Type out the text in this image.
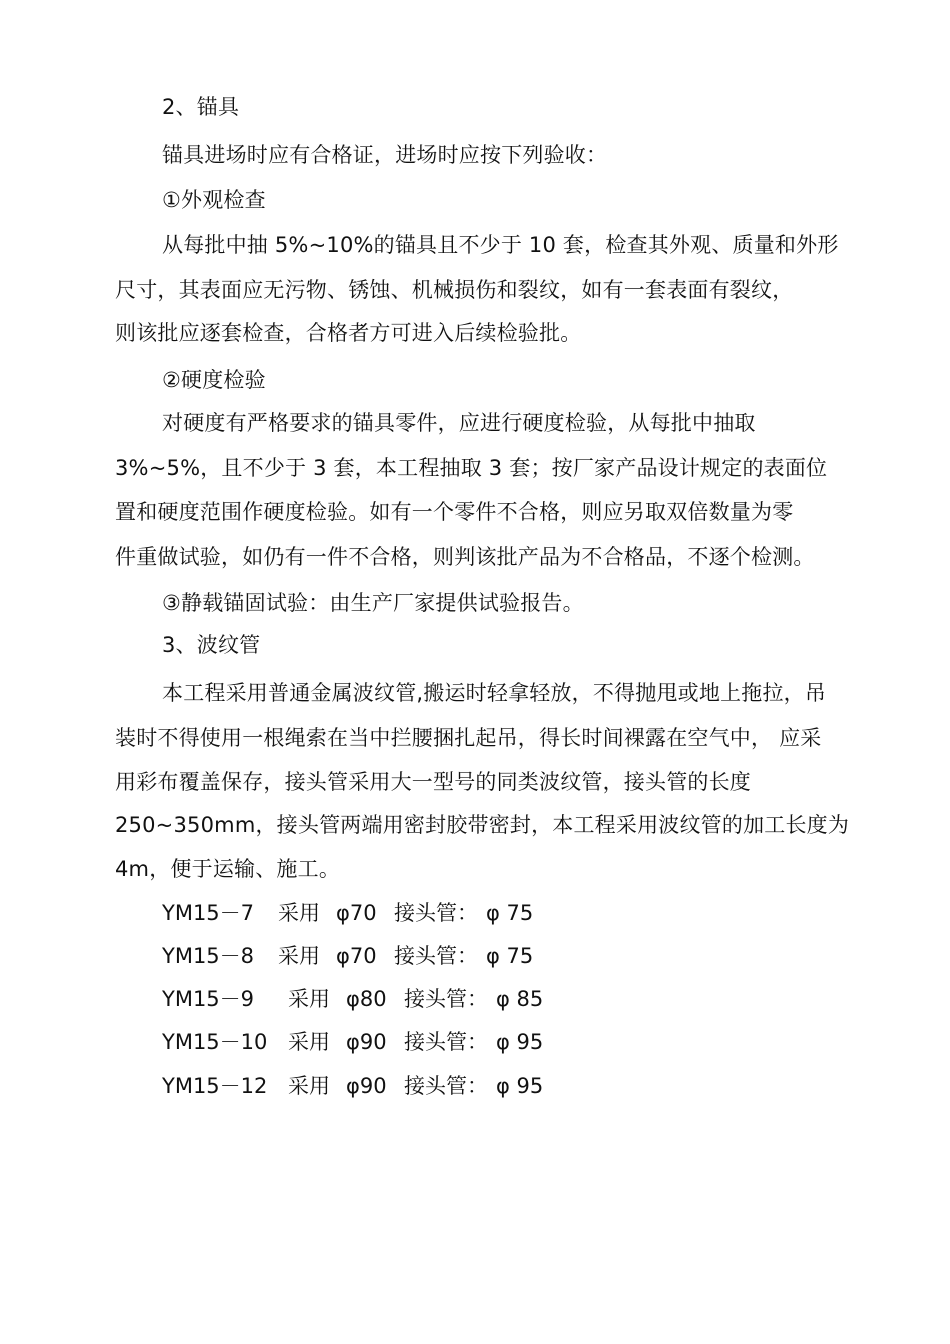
2、锚具
锚具进场时应有合格证，进场时应按下列验收：
①外观检查
从每批中抽 5%~10%的锚具且不少于 10 套，检查其外观、质量和外形
尺寸，其表面应无污物、锈蚀、机械损伤和裂纹，如有一套表面有裂纹，
则该批应逐套检查，合格者方可进入后续检验批。
②硬度检验
对硬度有严格要求的锚具零件，应进行硬度检验，从每批中抽取
3%~5%，且不少于 3 套，本工程抽取 3 套；按厂家产品设计规定的表面位
置和硬度范围作硬度检验。如有一个零件不合格，则应另取双倍数量为零
件重做试验，如仍有一件不合格，则判该批产品为不合格品，不逐个检测。
③静载锚固试验：由生产厂家提供试验报告。
3、波纹管
本工程采用普通金属波纹管,搬运时轻拿轻放，不得抛甩或地上拖拉，吊
装时不得使用一根绳索在当中拦腰捆扎起吊，得长时间裸露在空气中， 应采
用彩布覆盖保存，接头管采用大一型号的同类波纹管，接头管的长度
250~350mm，接头管两端用密封胶带密封，本工程采用波纹管的加工长度为
4m，便于运输、施工。
YM15－7 采用 φ70 接头管： φ 75
YM15－8 采用 φ70 接头管： φ 75
YM15－9 采用 φ80 接头管： φ 85
YM15－10 采用 φ90 接头管： φ 95
YM15－12 采用 φ90 接头管： φ 95
